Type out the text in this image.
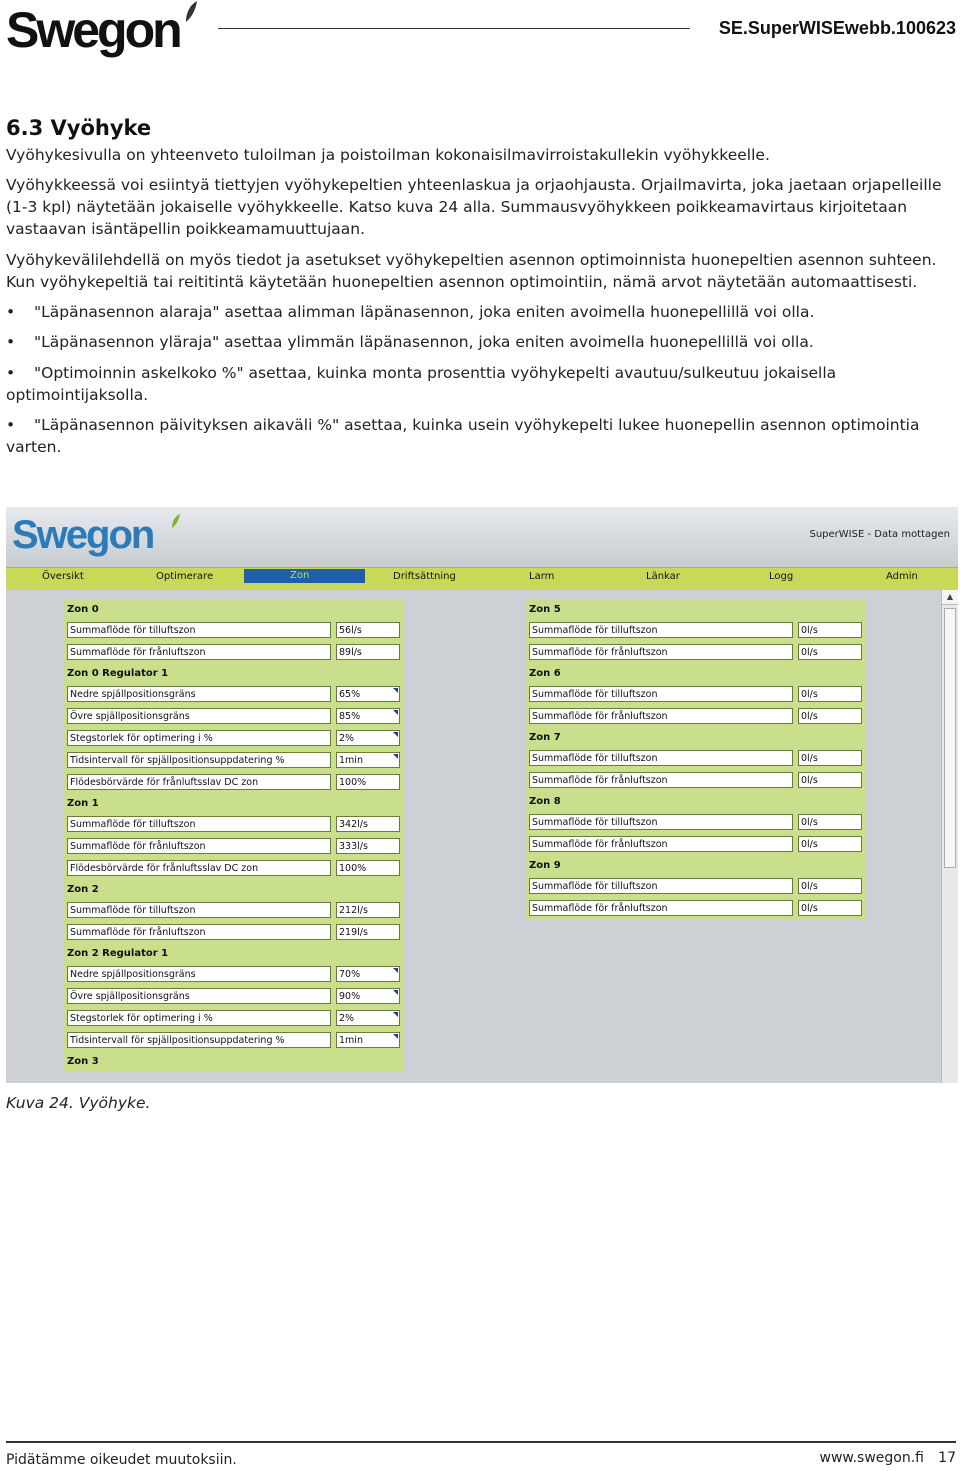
Swegon	SE.SuperWISEwebb.100623
6.3 Vyöhyke
Vyöhykesivulla on yhteenveto tuloilman ja poistoilman kokonaisilmavirroistakullekin vyöhykkeelle.
Vyöhykkeessä voi esiintyä tiettyjen vyöhykepeltien yhteenlaskua ja orjaohjausta. Orjailmavirta, joka jaetaan orjapelleille (1-3 kpl) näytetään jokaiselle vyöhykkeelle. Katso kuva 24 alla. Summausvyöhykkeen poikkeamavirtaus kirjoitetaan vastaavan isäntäpellin poikkeamamuuttujaan.
Vyöhykevälilehdellä on myös tiedot ja asetukset vyöhykepeltien asennon optimoinnista huonepeltien asennon suhteen. Kun vyöhykepeltiä tai reititintä käytetään huonepeltien asennon optimointiin, nämä arvot näytetään automaattisesti.
• "Läpänasennon alaraja" asettaa alimman läpänasennon, joka eniten avoimella huonepellillä voi olla.
• "Läpänasennon yläraja" asettaa ylimmän läpänasennon, joka eniten avoimella huonepellillä voi olla.
• "Optimoinnin askelkoko %" asettaa, kuinka monta prosenttia vyöhykepelti avautuu/sulkeutuu jokaisella optimointijaksolla.
• "Läpänasennon päivityksen aikaväli %" asettaa, kuinka usein vyöhykepelti lukee huonepellin asennon optimointia varten.
Swegon	SuperWISE - Data mottagen
Översikt	Optimerare	Zon	Driftsättning	Larm	Länkar	Logg	Admin
Zon 0
Summaflöde för tilluftszon	56l/s
Summaflöde för frånluftszon	89l/s
Zon 0 Regulator 1
Nedre spjällpositionsgräns	65%
Övre spjällpositionsgräns	85%
Stegstorlek för optimering i %	2%
Tidsintervall för spjällpositionsuppdatering %	1min
Flödesbörvärde för frånluftsslav DC zon	100%
Zon 1
Summaflöde för tilluftszon	342l/s
Summaflöde för frånluftszon	333l/s
Flödesbörvärde för frånluftsslav DC zon	100%
Zon 2
Summaflöde för tilluftszon	212l/s
Summaflöde för frånluftszon	219l/s
Zon 2 Regulator 1
Nedre spjällpositionsgräns	70%
Övre spjällpositionsgräns	90%
Stegstorlek för optimering i %	2%
Tidsintervall för spjällpositionsuppdatering %	1min
Zon 3
Zon 5
Summaflöde för tilluftszon	0l/s
Summaflöde för frånluftszon	0l/s
Zon 6
Summaflöde för tilluftszon	0l/s
Summaflöde för frånluftszon	0l/s
Zon 7
Summaflöde för tilluftszon	0l/s
Summaflöde för frånluftszon	0l/s
Zon 8
Summaflöde för tilluftszon	0l/s
Summaflöde för frånluftszon	0l/s
Zon 9
Summaflöde för tilluftszon	0l/s
Summaflöde för frånluftszon	0l/s
▲
Kuva 24. Vyöhyke.
Pidätämme oikeudet muutoksiin.	www.swegon.fi 17
